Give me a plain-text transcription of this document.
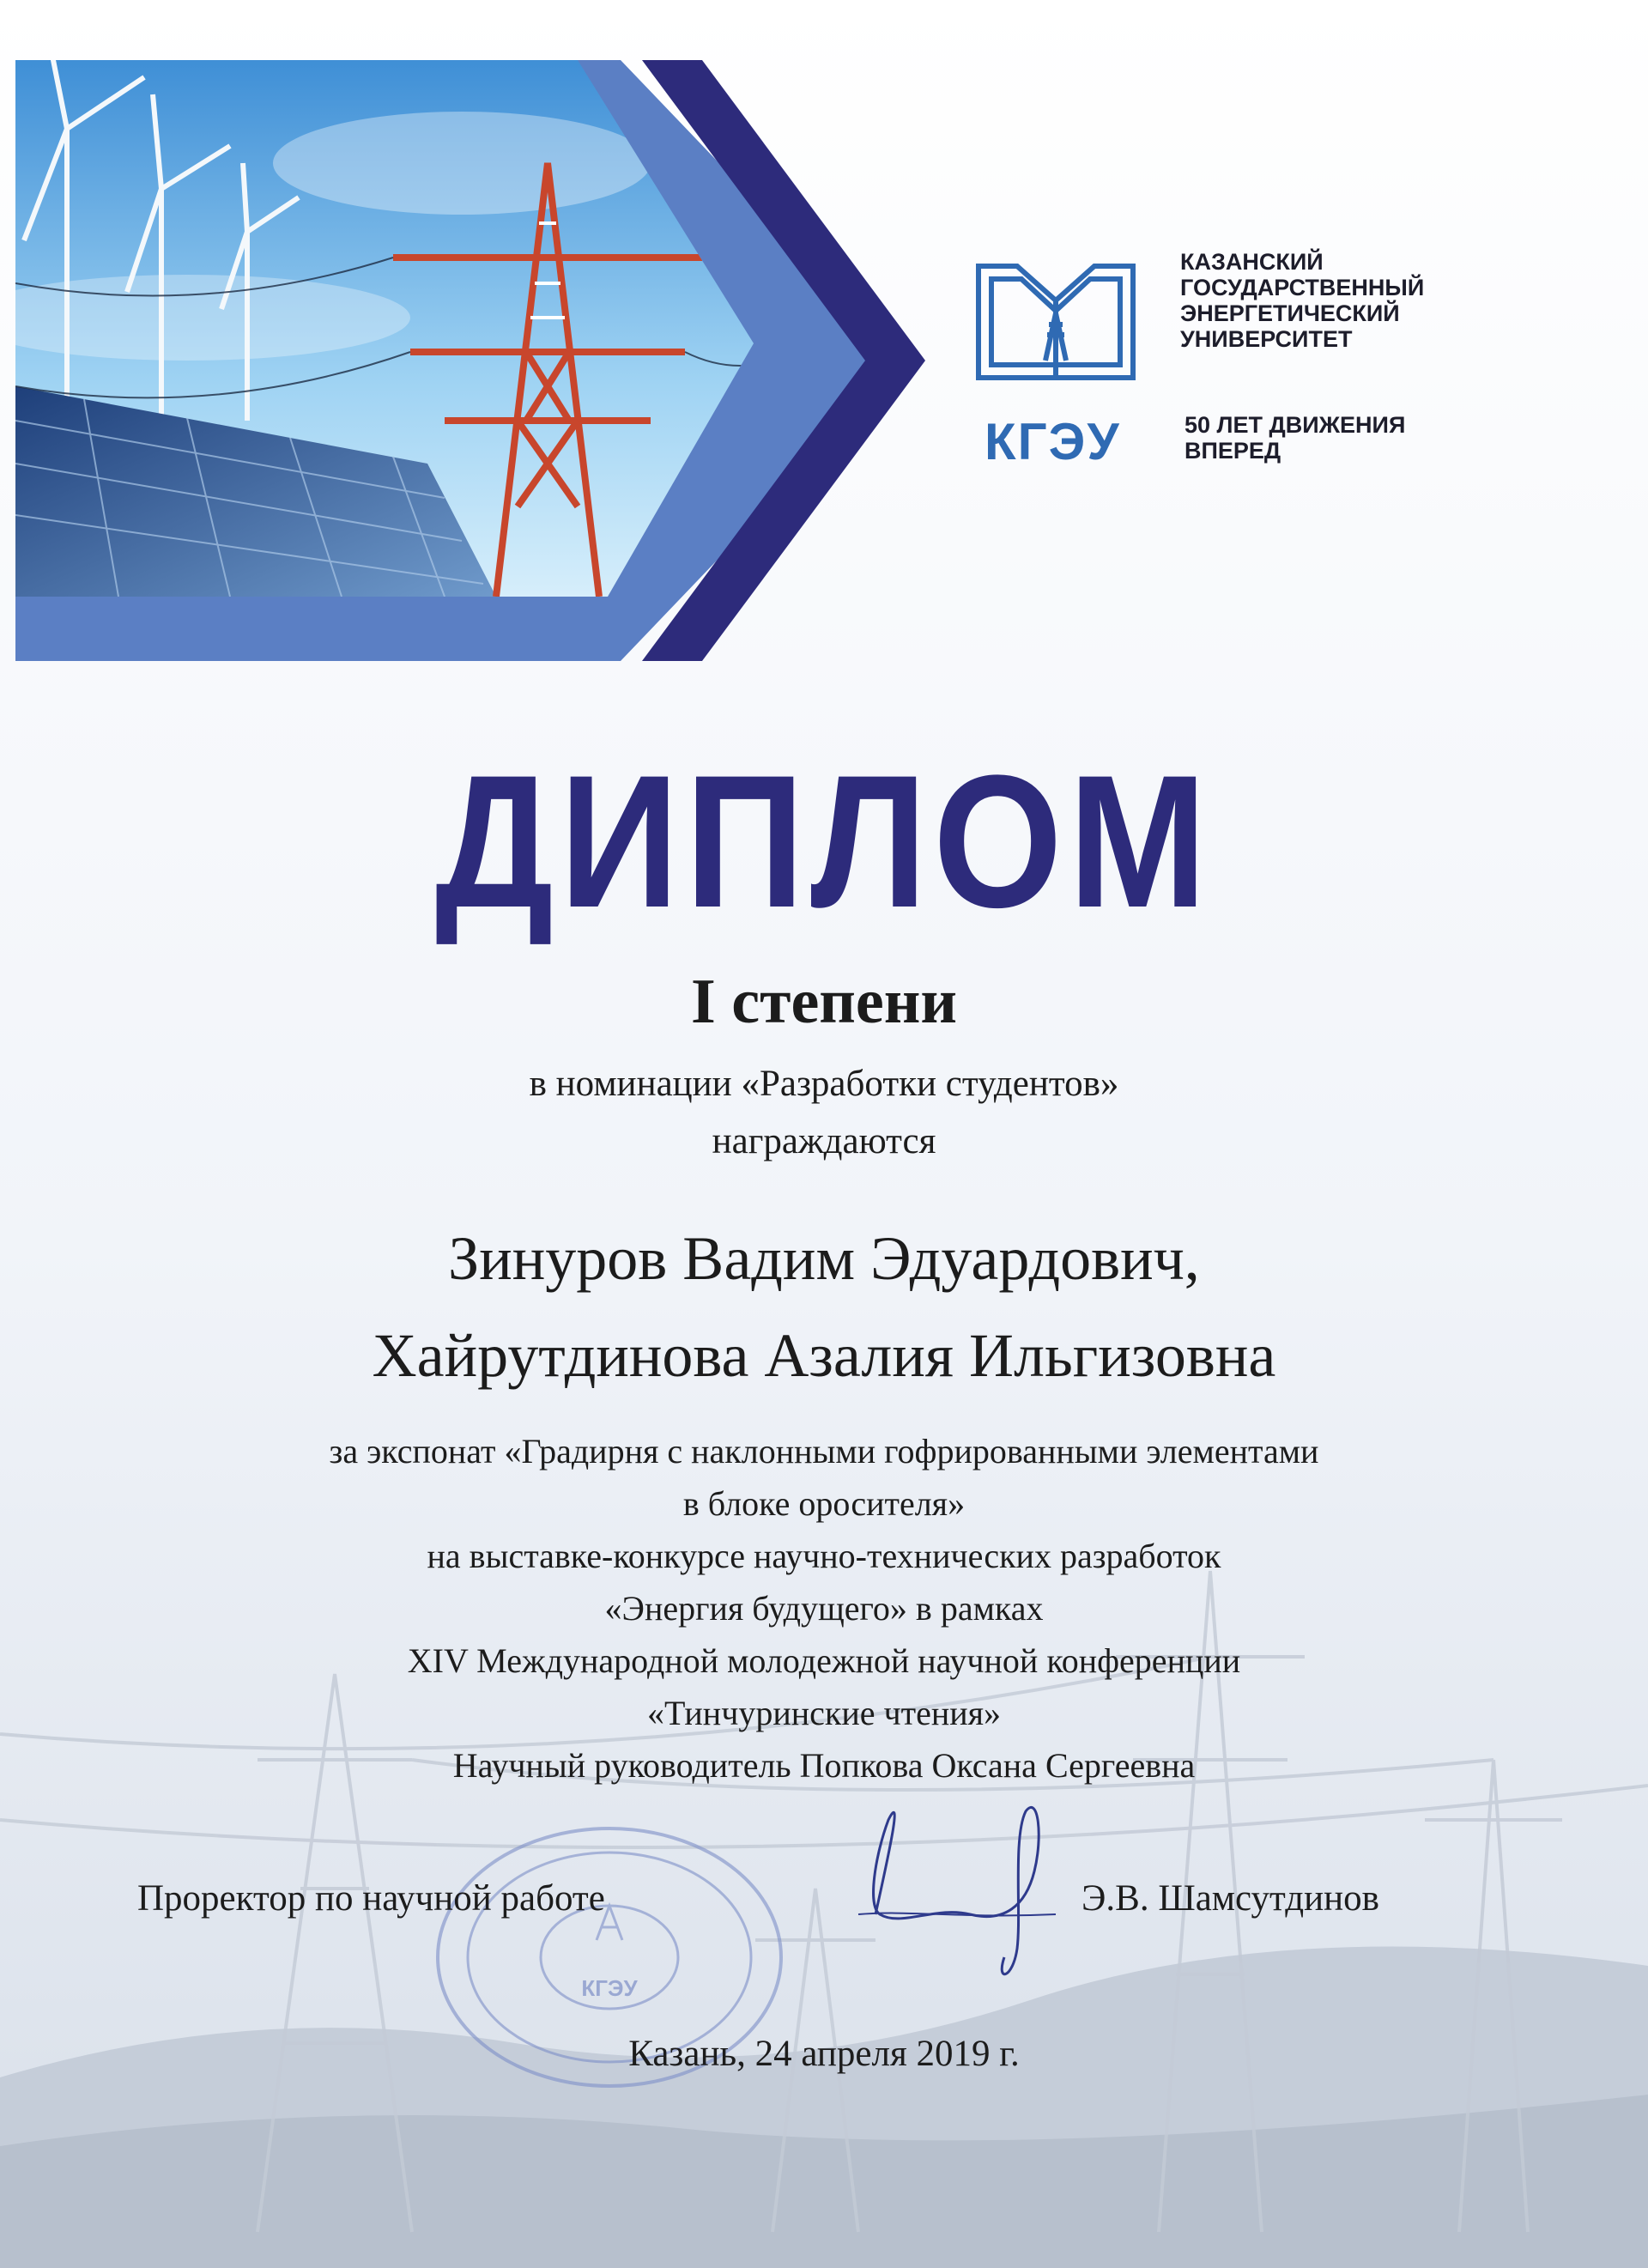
КГЭУ
КАЗАНСКИЙ
ГОСУДАРСТВЕННЫЙ
ЭНЕРГЕТИЧЕСКИЙ
УНИВЕРСИТЕТ
50 ЛЕТ ДВИЖЕНИЯ
ВПЕРЕД
ДИПЛОМ
I степени
в номинации «Разработки студентов»
награждаются
Зинуров Вадим Эдуардович,
Хайрутдинова Азалия Ильгизовна
за экспонат «Градирня с наклонными гофрированными элементами
в блоке оросителя»
на выставке-конкурсе научно-технических разработок
«Энергия будущего» в рамках
XIV Международной молодежной научной конференции
«Тинчуринские чтения»
Научный руководитель Попкова Оксана Сергеевна
КГЭУ
Проректор по научной работе	Э.В. Шамсутдинов
Казань, 24 апреля 2019 г.
